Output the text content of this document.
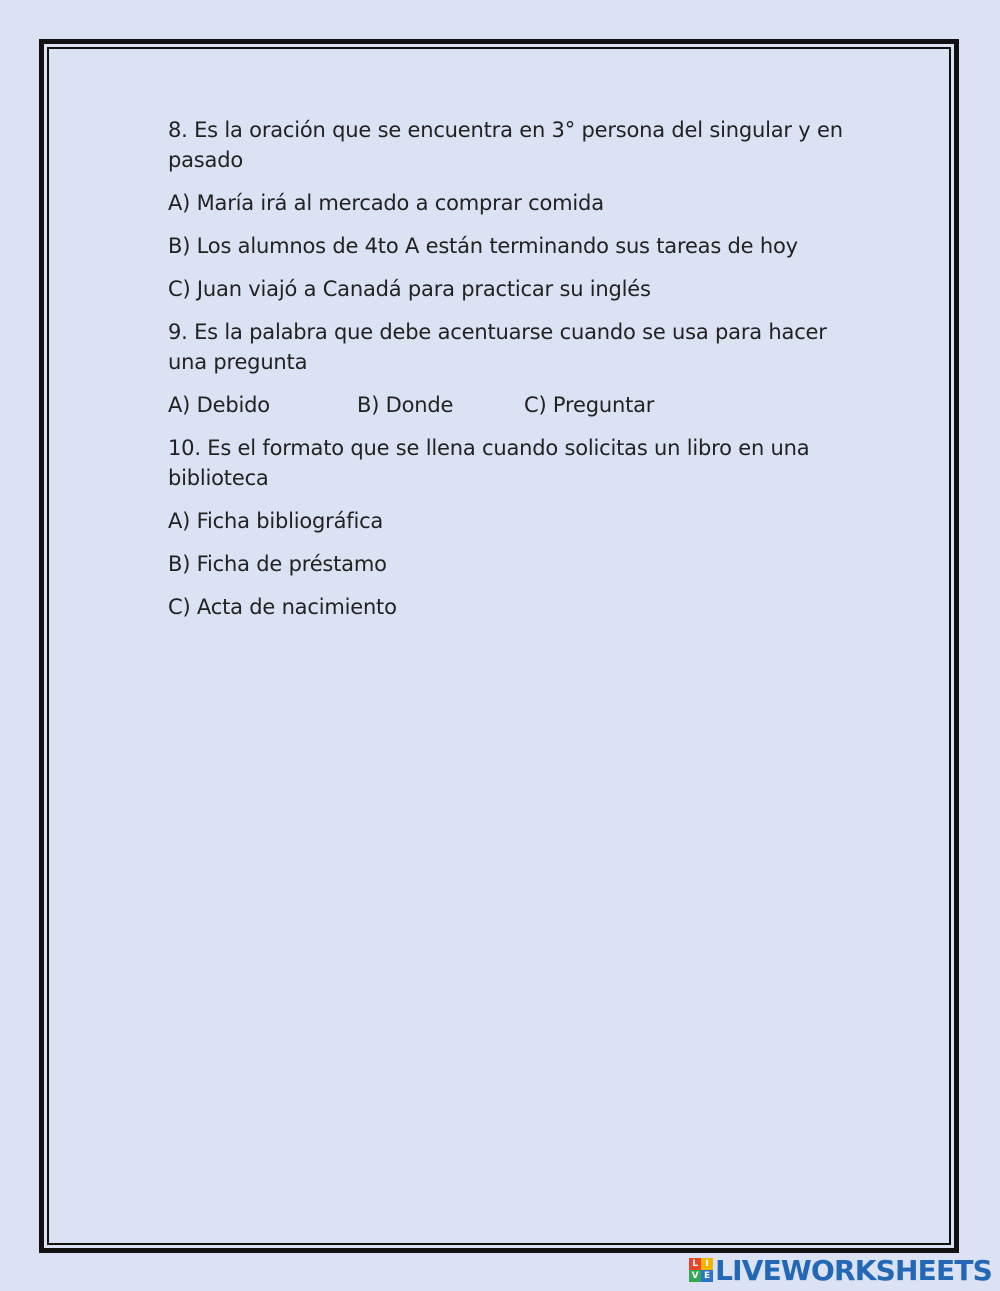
8. Es la oración que se encuentra en 3° persona del singular y en pasado

A) María irá al mercado a comprar comida

B) Los alumnos de 4to A están terminando sus tareas de hoy

C) Juan viajó a Canadá para practicar su inglés

9. Es la palabra que debe acentuarse cuando se usa para hacer una pregunta

A) Debido	B) Donde	C) Preguntar

10. Es el formato que se llena cuando solicitas un libro en una biblioteca

A) Ficha bibliográfica

B) Ficha de préstamo

C) Acta de nacimiento

L I
V E LIVEWORKSHEETS
